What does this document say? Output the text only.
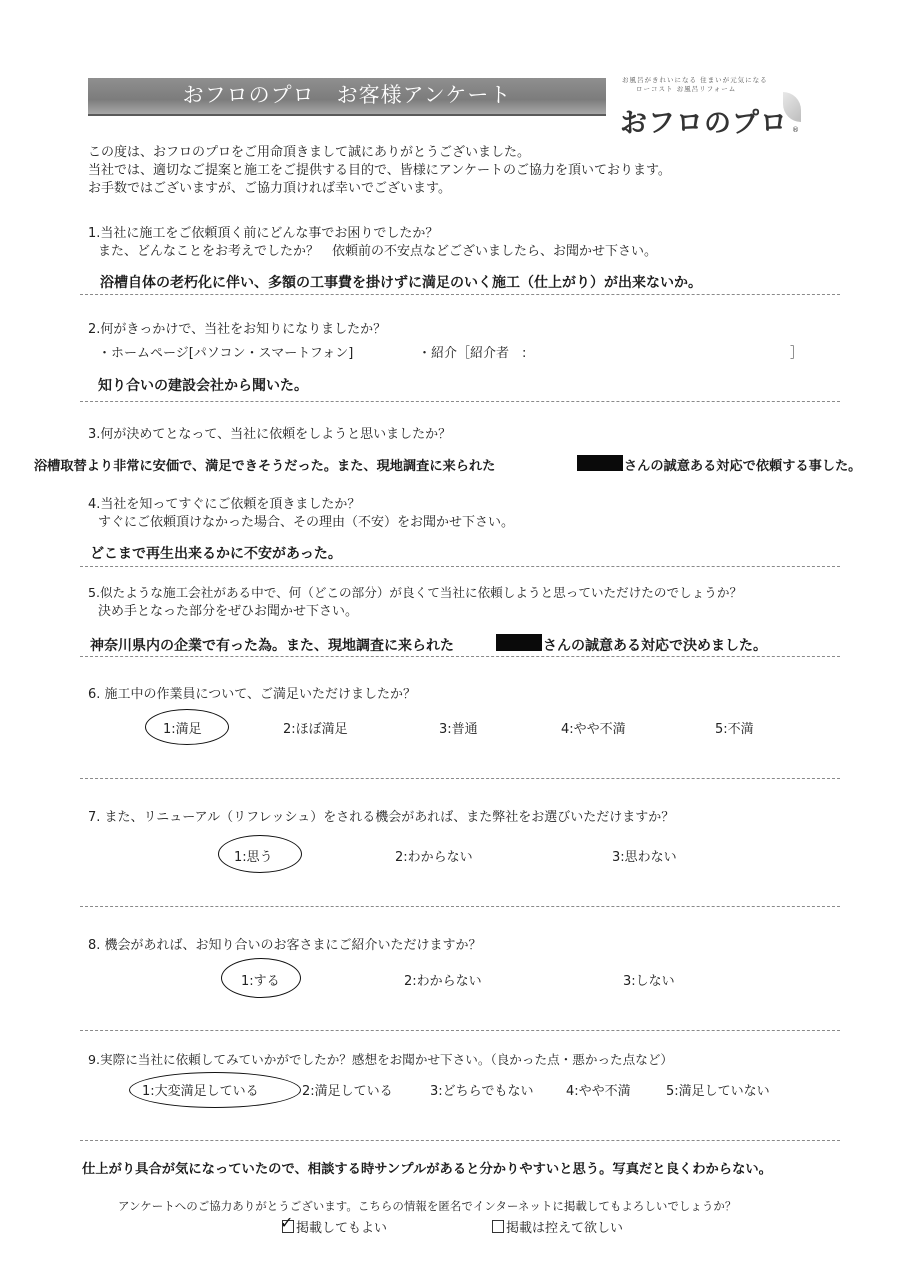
おフロのプロ　お客様アンケート
お風呂がきれいになる 住まいが元気になる
ローコスト お風呂リフォーム
おフロのプロ ®
この度は、おフロのプロをご用命頂きまして誠にありがとうございました。
当社では、適切なご提案と施工をご提供する目的で、皆様にアンケートのご協力を頂いております。
お手数ではございますが、ご協力頂ければ幸いでございます。
1.当社に施工をご依頼頂く前にどんな事でお困りでしたか？
また、どんなことをお考えでしたか？　依頼前の不安点などございましたら、お聞かせ下さい。
浴槽自体の老朽化に伴い、多額の工事費を掛けずに満足のいく施工（仕上がり）が出来ないか。
2.何がきっかけで、当社をお知りになりましたか？
・ホームページ[パソコン・スマートフォン]	・紹介［紹介者　:	］
知り合いの建設会社から聞いた。
3.何が決めてとなって、当社に依頼をしようと思いましたか？
浴槽取替より非常に安価で、満足できそうだった。また、現地調査に来られた	さんの誠意ある対応で依頼する事した。
4.当社を知ってすぐにご依頼を頂きましたか？
すぐにご依頼頂けなかった場合、その理由（不安）をお聞かせ下さい。
どこまで再生出来るかに不安があった。
5.似たような施工会社がある中で、何（どこの部分）が良くて当社に依頼しようと思っていただけたのでしょうか？
決め手となった部分をぜひお聞かせ下さい。
神奈川県内の企業で有った為。また、現地調査に来られた	さんの誠意ある対応で決めました。
6. 施工中の作業員について、ご満足いただけましたか？
1:満足	2:ほぼ満足	3:普通	4:やや不満	5:不満
7. また、リニューアル（リフレッシュ）をされる機会があれば、また弊社をお選びいただけますか？
1:思う	2:わからない	3:思わない
8. 機会があれば、お知り合いのお客さまにご紹介いただけますか？
1:する	2:わからない	3:しない
9.実際に当社に依頼してみていかがでしたか？感想をお聞かせ下さい。（良かった点・悪かった点など）
1:大変満足している	2:満足している	3:どちらでもない 4:やや不満	5:満足していない
仕上がり具合が気になっていたので、相談する時サンプルがあると分かりやすいと思う。写真だと良くわからない。
アンケートへのご協力ありがとうございます。こちらの情報を匿名でインターネットに掲載してもよろしいでしょうか？
✓ 掲載してもよい	掲載は控えて欲しい
